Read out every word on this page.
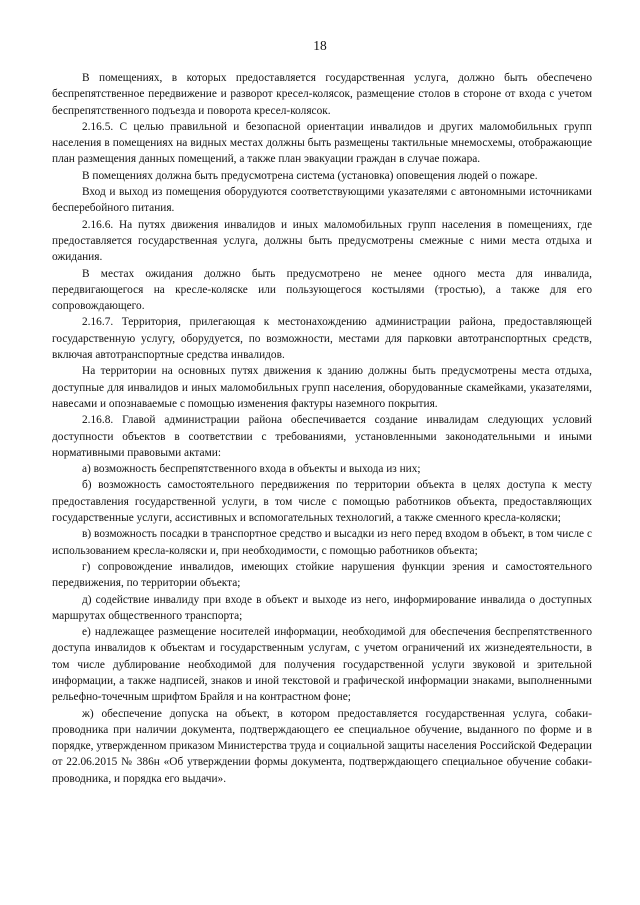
18

В помещениях, в которых предоставляется государственная услуга, должно быть обеспечено беспрепятственное передвижение и разворот кресел-колясок, размещение столов в стороне от входа с учетом беспрепятственного подъезда и поворота кресел-колясок.

2.16.5. С целью правильной и безопасной ориентации инвалидов и других маломобильных групп населения в помещениях на видных местах должны быть размещены тактильные мнемосхемы, отображающие план размещения данных помещений, а также план эвакуации граждан в случае пожара.

В помещениях должна быть предусмотрена система (установка) оповещения людей о пожаре.

Вход и выход из помещения оборудуются соответствующими указателями с автономными источниками бесперебойного питания.

2.16.6. На путях движения инвалидов и иных маломобильных групп населения в помещениях, где предоставляется государственная услуга, должны быть предусмотрены смежные с ними места отдыха и ожидания.

В местах ожидания должно быть предусмотрено не менее одного места для инвалида, передвигающегося на кресле-коляске или пользующегося костылями (тростью), а также для его сопровождающего.

2.16.7. Территория, прилегающая к местонахождению администрации района, предоставляющей государственную услугу, оборудуется, по возможности, местами для парковки автотранспортных средств, включая автотранспортные средства инвалидов.

На территории на основных путях движения к зданию должны быть предусмотрены места отдыха, доступные для инвалидов и иных маломобильных групп населения, оборудованные скамейками, указателями, навесами и опознаваемые с помощью изменения фактуры наземного покрытия.

2.16.8. Главой администрации района обеспечивается создание инвалидам следующих условий доступности объектов в соответствии с требованиями, установленными законодательными и иными нормативными правовыми актами:

а) возможность беспрепятственного входа в объекты и выхода из них;

б) возможность самостоятельного передвижения по территории объекта в целях доступа к месту предоставления государственной услуги, в том числе с помощью работников объекта, предоставляющих государственные услуги, ассистивных и вспомогательных технологий, а также сменного кресла-коляски;

в) возможность посадки в транспортное средство и высадки из него перед входом в объект, в том числе с использованием кресла-коляски и, при необходимости, с помощью работников объекта;

г) сопровождение инвалидов, имеющих стойкие нарушения функции зрения и самостоятельного передвижения, по территории объекта;

д) содействие инвалиду при входе в объект и выходе из него, информирование инвалида о доступных маршрутах общественного транспорта;

е) надлежащее размещение носителей информации, необходимой для обеспечения беспрепятственного доступа инвалидов к объектам и государственным услугам, с учетом ограничений их жизнедеятельности, в том числе дублирование необходимой для получения государственной услуги звуковой и зрительной информации, а также надписей, знаков и иной текстовой и графической информации знаками, выполненными рельефно-точечным шрифтом Брайля и на контрастном фоне;

ж) обеспечение допуска на объект, в котором предоставляется государственная услуга, собаки-проводника при наличии документа, подтверждающего ее специальное обучение, выданного по форме и в порядке, утвержденном приказом Министерства труда и социальной защиты населения Российской Федерации от 22.06.2015 № 386н «Об утверждении формы документа, подтверждающего специальное обучение собаки-проводника, и порядка его выдачи».
